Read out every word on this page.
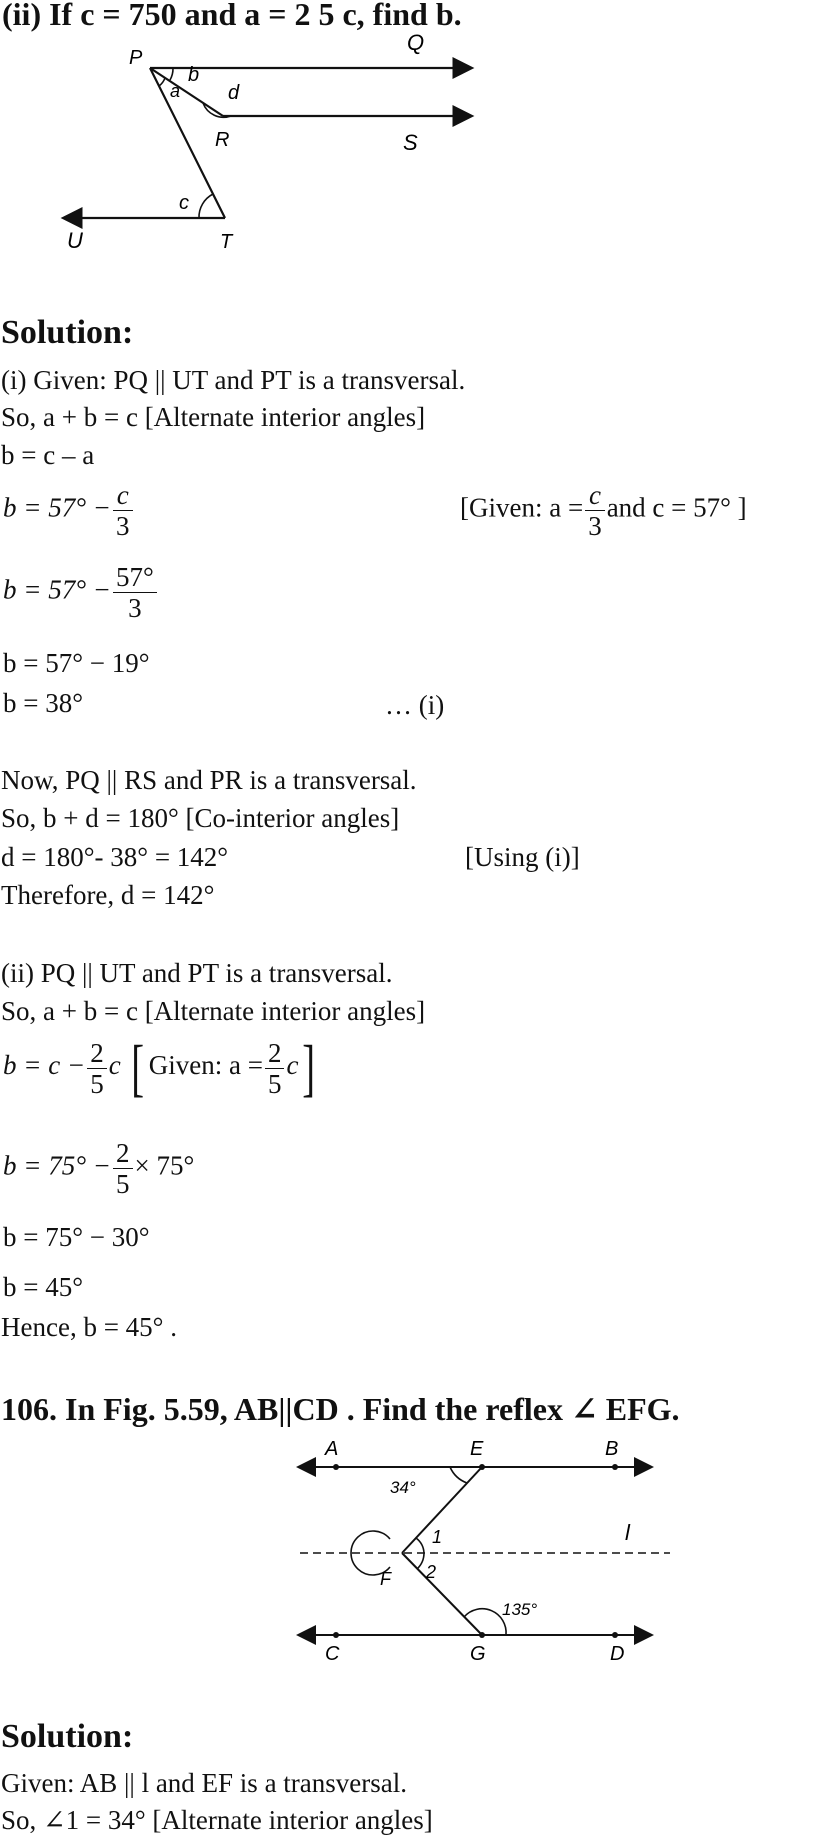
(ii) If c = 750 and a = 2 5 c, find b.
P
Q
R	S
U	T
a
b
c
d
Solution:
(i) Given: PQ || UT and PT is a transversal.
So, a + b = c [Alternate interior angles]
b = c – a
$b = 57^\circ - \frac{c}{3}$	[Given: $a = \frac{c}{3}$ and c = 57° ]
$b = 57^\circ - \frac{57^\circ}{3}$
b = 57° − 19°
b = 38°	… (i)
Now, PQ || RS and PR is a transversal.
So, b + d = 180° [Co-interior angles]
d = 180°- 38° = 142°	[Using (i)]
Therefore, d = 142°
(ii) PQ || UT and PT is a transversal.
So, a + b = c [Alternate interior angles]
$b = c - \frac{2}{5}$ c [ Given: $a = \frac{2}{5} c$]
$b = 75^\circ - \frac{2}{5} \times 75^\circ$
b = 75° − 30°
b = 45°
Hence, b = 45° .
106. In Fig. 5.59, AB||CD . Find the reflex ∠ EFG.
A	E	B
l
F
C	G	D
1
2
34°
135°
Solution:
Given: AB || l and EF is a transversal.
So, ∠1 = 34° [Alternate interior angles]
